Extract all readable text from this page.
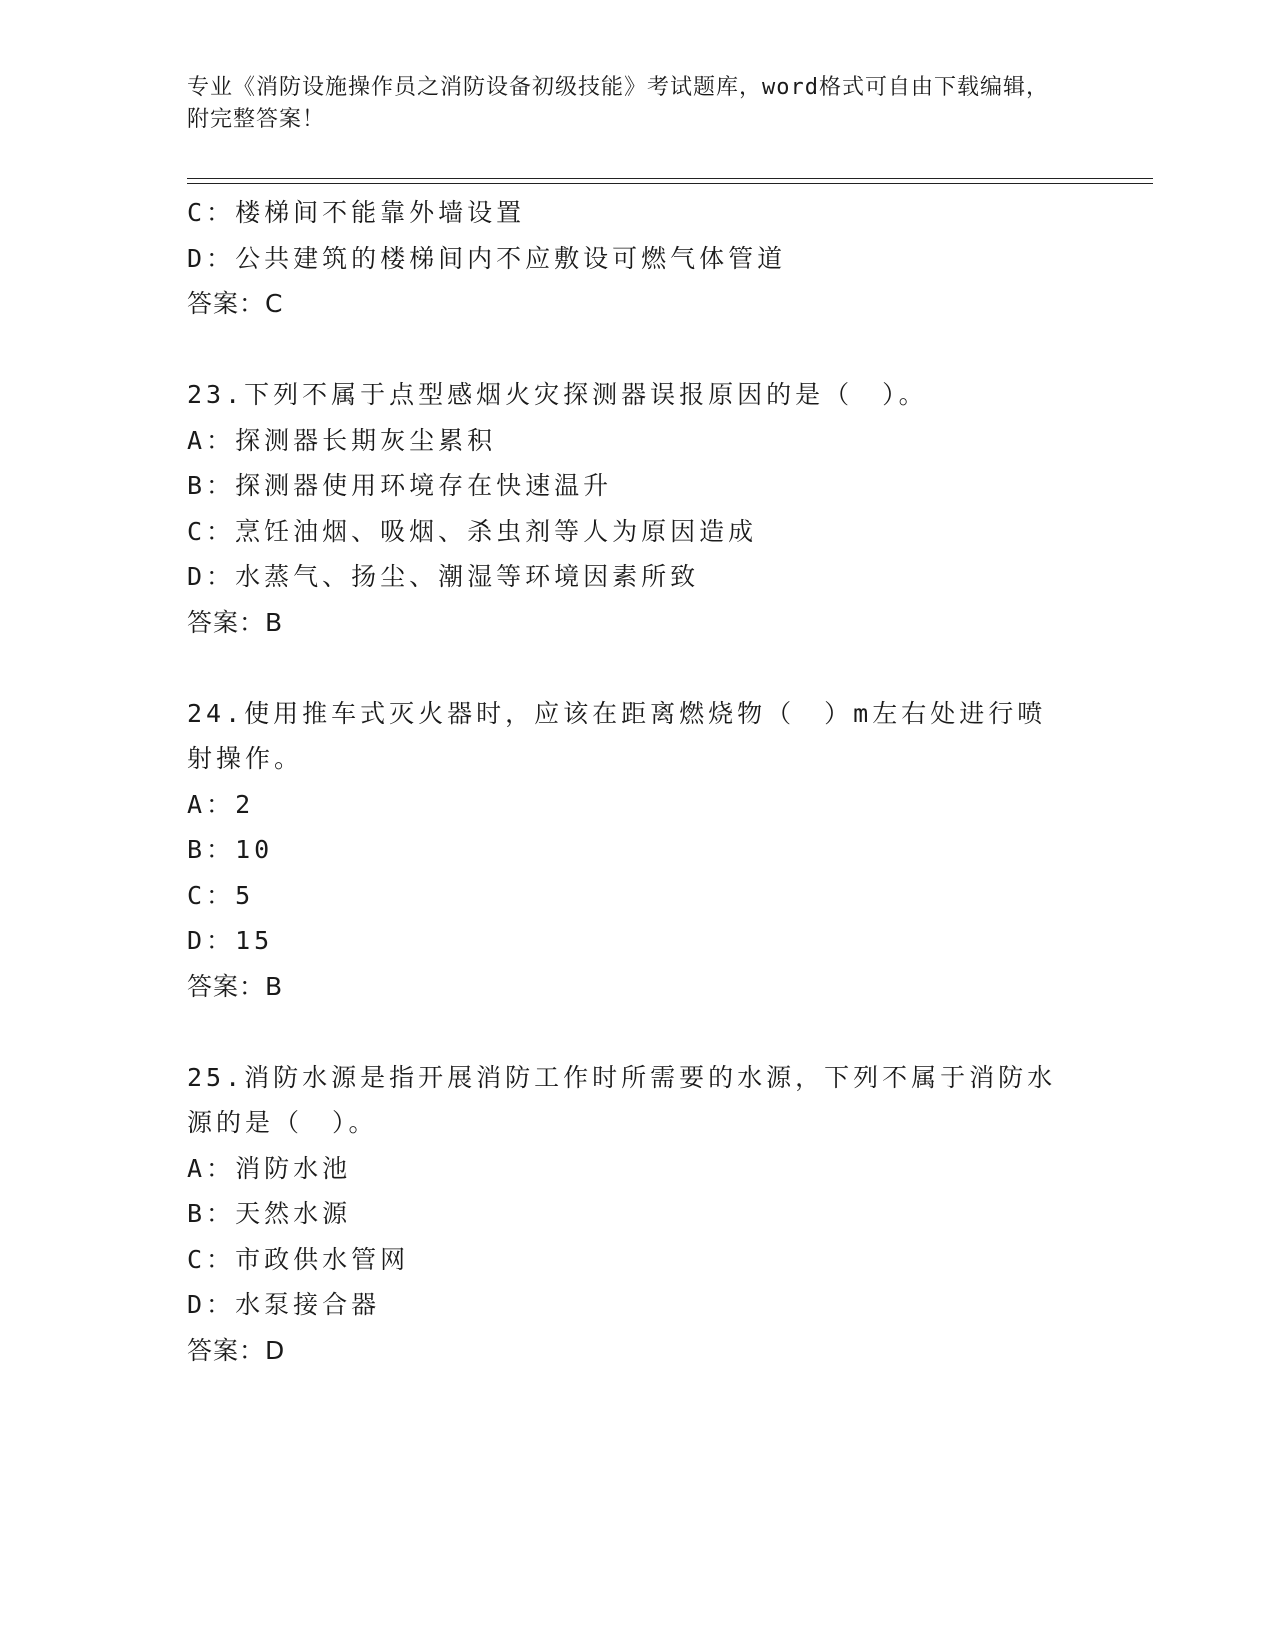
专业《消防设施操作员之消防设备初级技能》考试题库，word格式可自由下载编辑，附完整答案！
C：楼梯间不能靠外墙设置
D：公共建筑的楼梯间内不应敷设可燃气体管道
答案：C
23.下列不属于点型感烟火灾探测器误报原因的是（　）。
A：探测器长期灰尘累积
B：探测器使用环境存在快速温升
C：烹饪油烟、吸烟、杀虫剂等人为原因造成
D：水蒸气、扬尘、潮湿等环境因素所致
答案：B
24.使用推车式灭火器时，应该在距离燃烧物（　）m左右处进行喷射操作。
A：2
B：10
C：5
D：15
答案：B
25.消防水源是指开展消防工作时所需要的水源，下列不属于消防水源的是（　）。
A：消防水池
B：天然水源
C：市政供水管网
D：水泵接合器
答案：D
